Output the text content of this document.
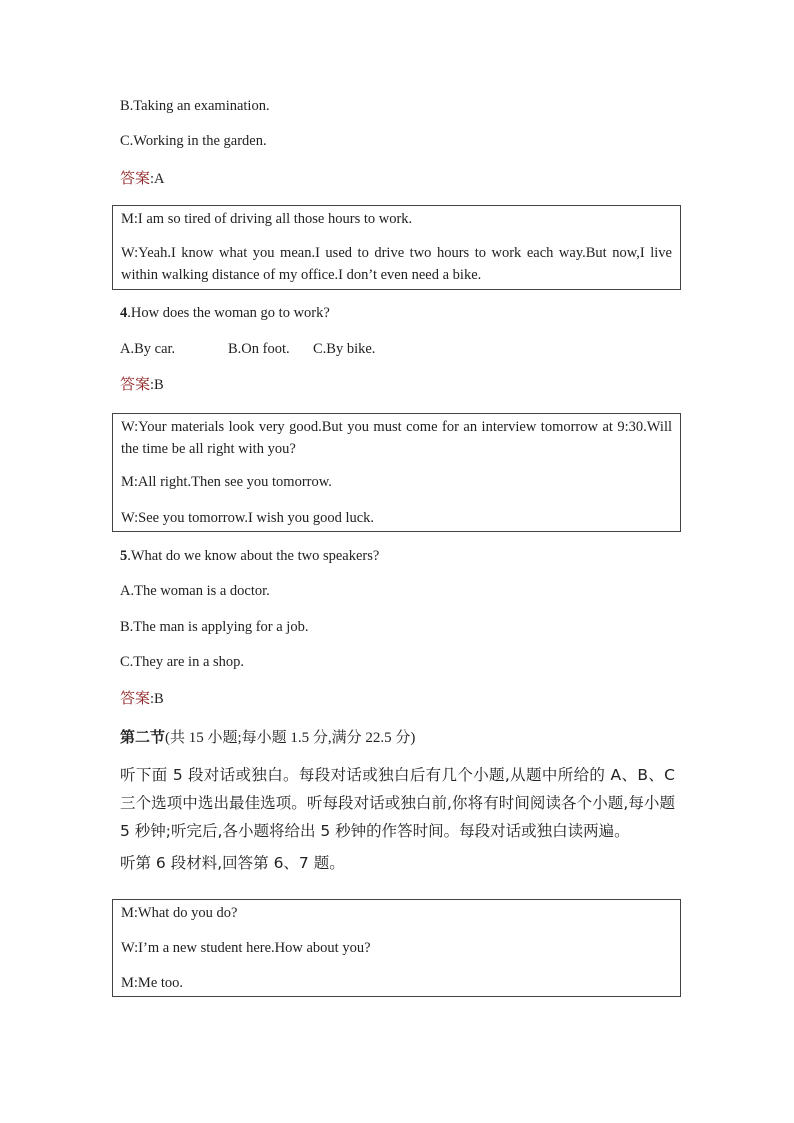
B.Taking an examination.
C.Working in the garden.
答案:A
M:I am so tired of driving all those hours to work.
W:Yeah.I know what you mean.I used to drive two hours to work each way.But now,I live within walking distance of my office.I don’t even need a bike.
4.How does the woman go to work?
A.By car.	B.On foot. C.By bike.
答案:B
W:Your materials look very good.But you must come for an interview tomorrow at 9:30.Will the time be all right with you?
M:All right.Then see you tomorrow.
W:See you tomorrow.I wish you good luck.
5.What do we know about the two speakers?
A.The woman is a doctor.
B.The man is applying for a job.
C.They are in a shop.
答案:B
第二节(共 15 小题;每小题 1.5 分,满分 22.5 分)
听下面 5 段对话或独白。每段对话或独白后有几个小题,从题中所给的 A、B、C 三个选项中选出最佳选项。听每段对话或独白前,你将有时间阅读各个小题,每小题 5 秒钟;听完后,各小题将给出 5 秒钟的作答时间。每段对话或独白读两遍。
听第 6 段材料,回答第 6、7 题。
M:What do you do?
W:I’m a new student here.How about you?
M:Me too.
